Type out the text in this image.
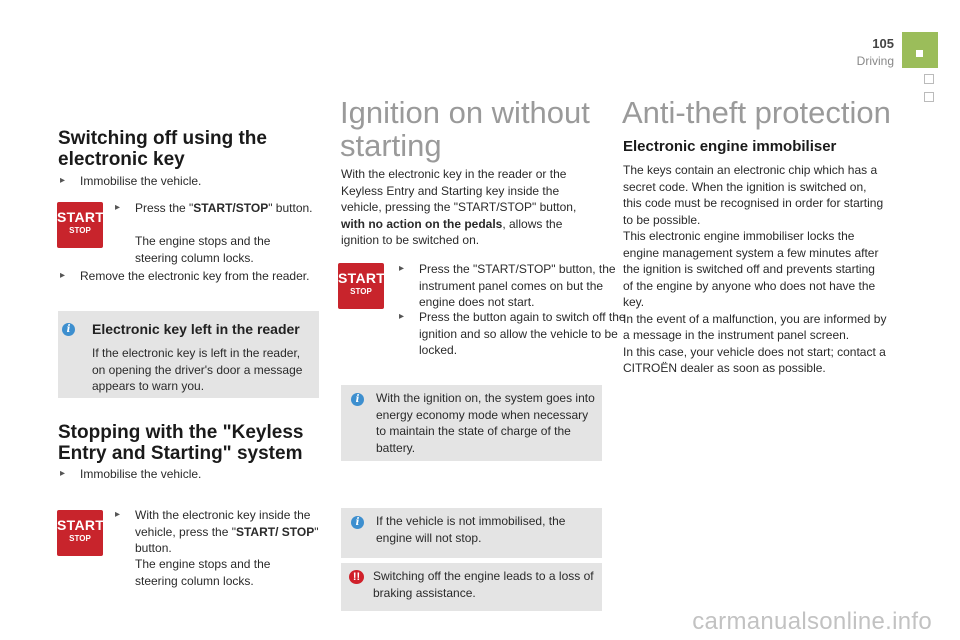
105
Driving
Switching off using the electronic key
▸ Immobilise the vehicle.
START
STOP
▸ Press the "START/STOP" button.
The engine stops and the steering column locks.
▸ Remove the electronic key from the reader.
i	Electronic key left in the reader
If the electronic key is left in the reader, on opening the driver's door a message appears to warn you.
Stopping with the "Keyless Entry and Starting" system
▸ Immobilise the vehicle.
START
STOP
▸ With the electronic key inside the vehicle, press the "START/ STOP" button.
The engine stops and the steering column locks.
Ignition on without starting
With the electronic key in the reader or the Keyless Entry and Starting key inside the vehicle, pressing the "START/STOP" button, with no action on the pedals, allows the ignition to be switched on.
START
STOP
▸ Press the "START/STOP" button, the instrument panel comes on but the engine does not start.
▸ Press the button again to switch off the ignition and so allow the vehicle to be locked.
i	With the ignition on, the system goes into energy economy mode when necessary to maintain the state of charge of the battery.
i	If the vehicle is not immobilised, the engine will not stop.
!!	Switching off the engine leads to a loss of braking assistance.
Anti-theft protection
Electronic engine immobiliser
The keys contain an electronic chip which has a secret code. When the ignition is switched on, this code must be recognised in order for starting to be possible.
This electronic engine immobiliser locks the engine management system a few minutes after the ignition is switched off and prevents starting of the engine by anyone who does not have the key.
In the event of a malfunction, you are informed by a message in the instrument panel screen.
In this case, your vehicle does not start; contact a CITROËN dealer as soon as possible.
carmanualsonline.info
